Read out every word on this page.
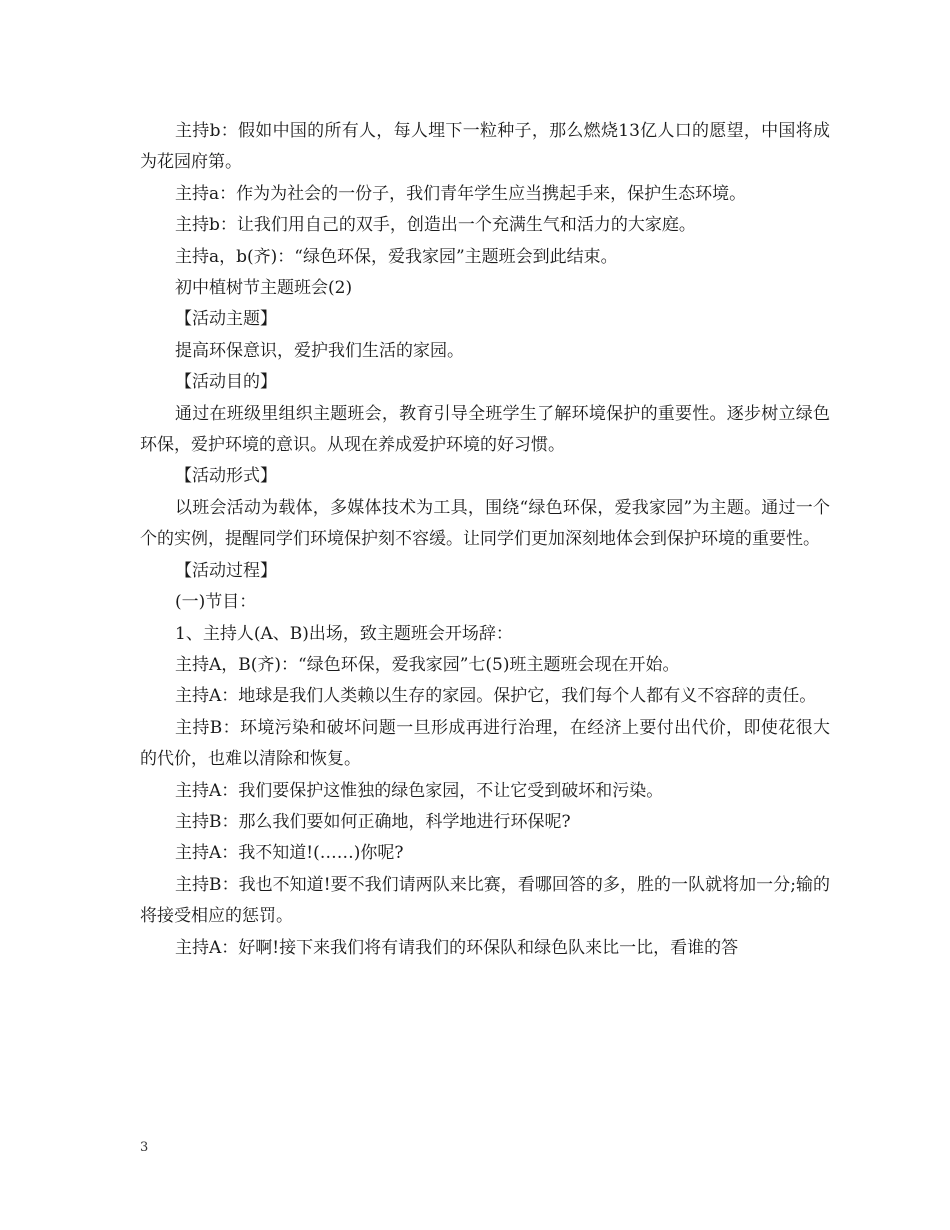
主持b：假如中国的所有人，每人埋下一粒种子，那么燃烧13亿人口的愿望，中国将成为花园府第。

主持a：作为为社会的一份子，我们青年学生应当携起手来，保护生态环境。

主持b：让我们用自己的双手，创造出一个充满生气和活力的大家庭。

主持a，b(齐)：“绿色环保，爱我家园”主题班会到此结束。

初中植树节主题班会(2)

【活动主题】

提高环保意识，爱护我们生活的家园。

【活动目的】

通过在班级里组织主题班会，教育引导全班学生了解环境保护的重要性。逐步树立绿色环保，爱护环境的意识。从现在养成爱护环境的好习惯。

【活动形式】

以班会活动为载体，多媒体技术为工具，围绕“绿色环保，爱我家园”为主题。通过一个个的实例，提醒同学们环境保护刻不容缓。让同学们更加深刻地体会到保护环境的重要性。

【活动过程】

(一)节目：

1、主持人(A、B)出场，致主题班会开场辞：

主持A，B(齐)：“绿色环保，爱我家园”七(5)班主题班会现在开始。

主持A：地球是我们人类赖以生存的家园。保护它，我们每个人都有义不容辞的责任。

主持B：环境污染和破坏问题一旦形成再进行治理，在经济上要付出代价，即使花很大的代价，也难以清除和恢复。

主持A：我们要保护这惟独的绿色家园，不让它受到破坏和污染。

主持B：那么我们要如何正确地，科学地进行环保呢?

主持A：我不知道!(……)你呢?

主持B：我也不知道!要不我们请两队来比赛，看哪回答的多，胜的一队就将加一分;输的将接受相应的惩罚。

主持A：好啊!接下来我们将有请我们的环保队和绿色队来比一比，看谁的答

3
